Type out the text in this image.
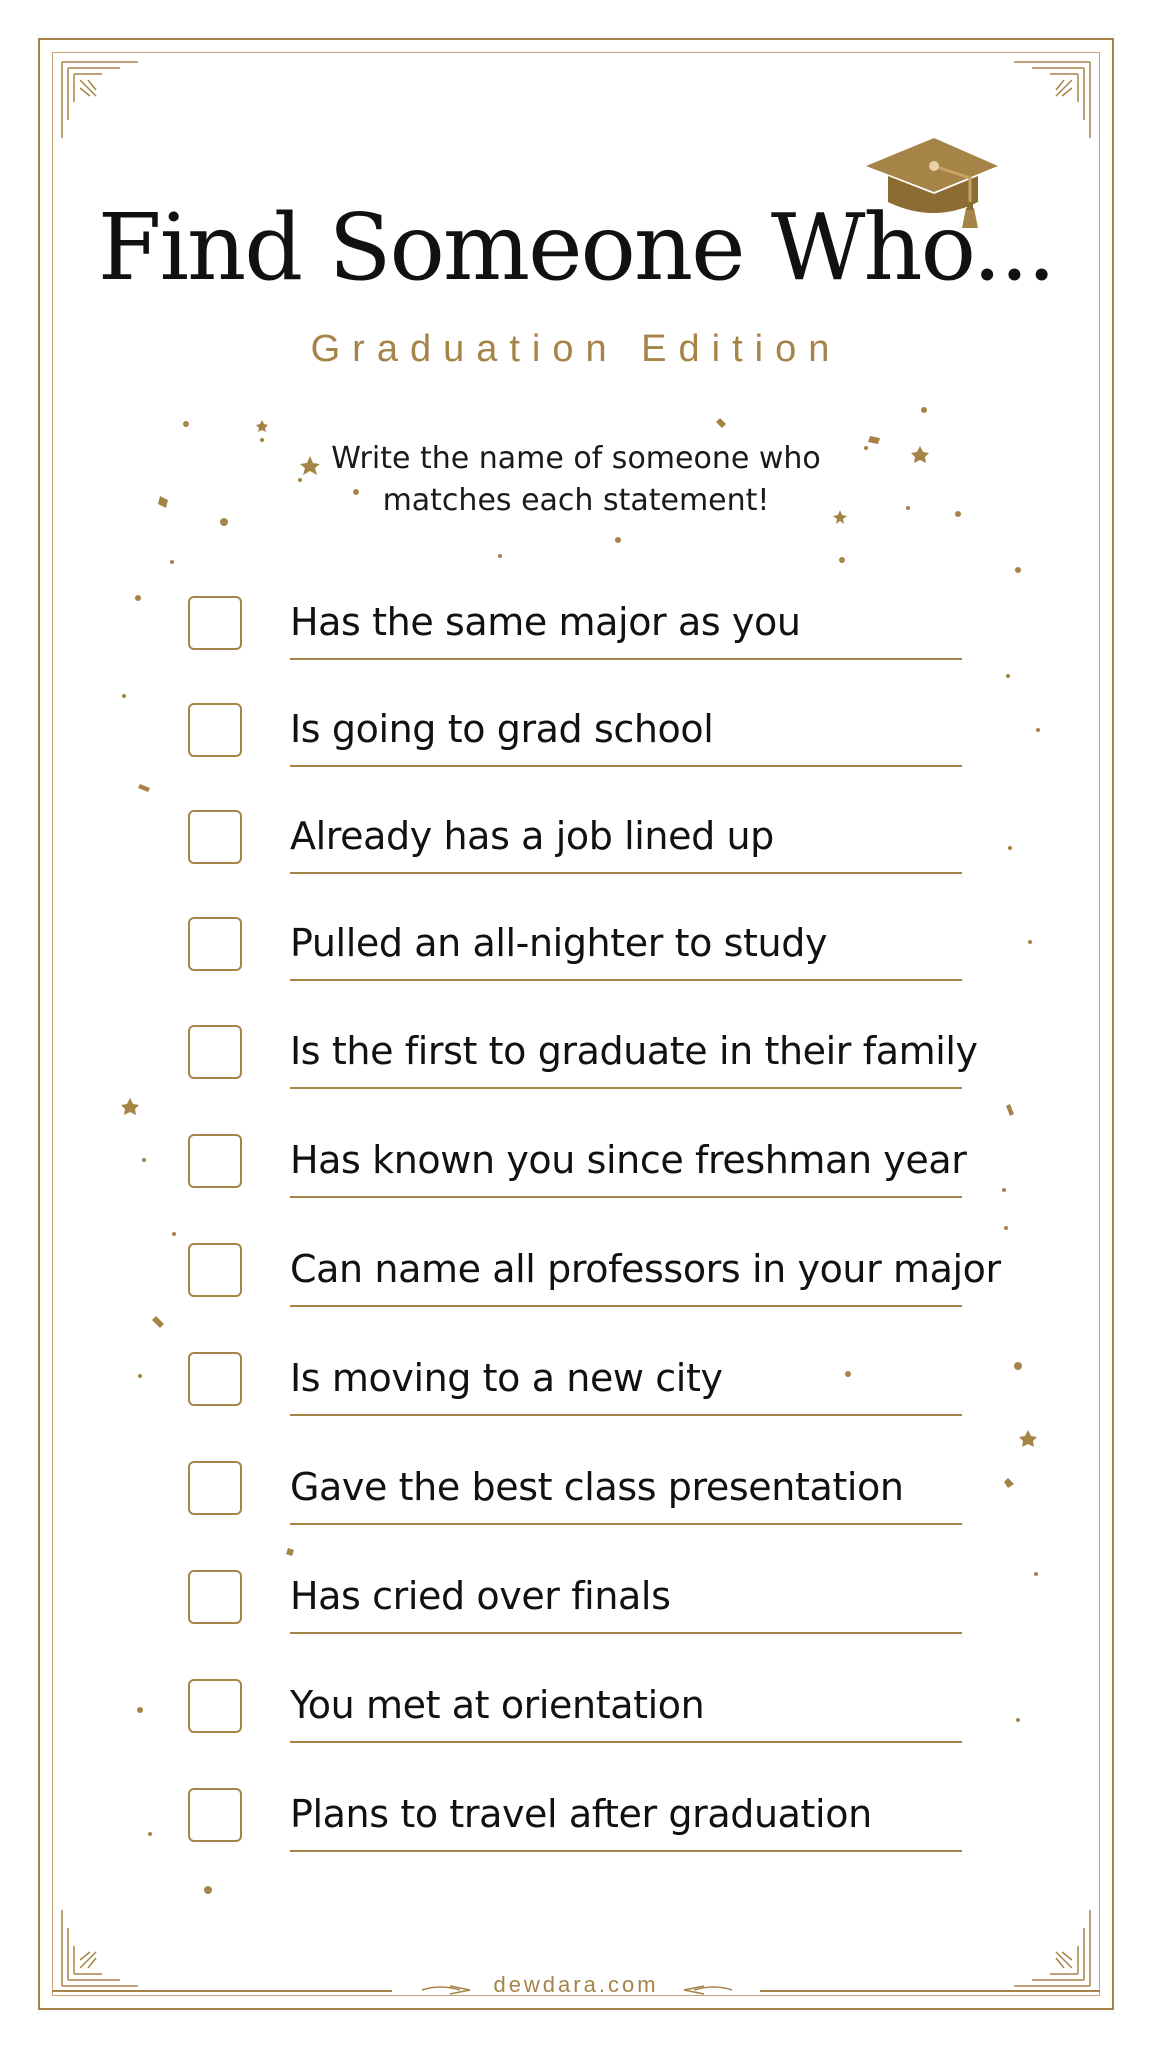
Find Someone Who...
Graduation Edition
Write the name of someone who
matches each statement!
Has the same major as you
Is going to grad school
Already has a job lined up
Pulled an all-nighter to study
Is the first to graduate in their family
Has known you since freshman year
Can name all professors in your major
Is moving to a new city
Gave the best class presentation
Has cried over finals
You met at orientation
Plans to travel after graduation
dewdara.com
